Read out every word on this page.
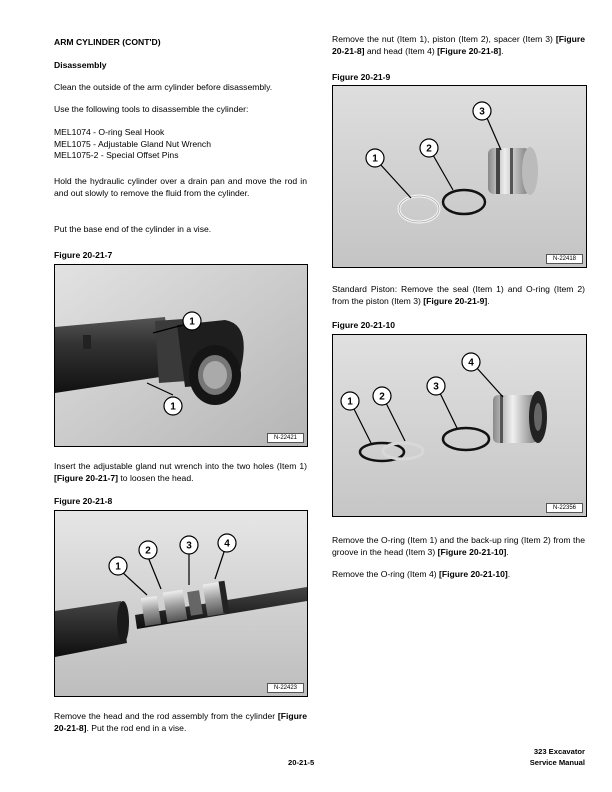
ARM CYLINDER (CONT'D)
Disassembly
Clean the outside of the arm cylinder before disassembly.
Use the following tools to disassemble the cylinder:
MEL1074 - O-ring Seal Hook
MEL1075 - Adjustable Gland Nut Wrench
MEL1075-2 - Special Offset Pins
Hold the hydraulic cylinder over a drain pan and move the rod in and out slowly to remove the fluid from the cylinder.
Put the base end of the cylinder in a vise.
Figure 20-21-7
1
1
N-22421
Insert the adjustable gland nut wrench into the two holes (Item 1) [Figure 20-21-7] to loosen the head.
Figure 20-21-8
1
2	3	4
N-22423
Remove the head and the rod assembly from the cylinder [Figure 20-21-8]. Put the rod end in a vise.
Remove the nut (Item 1), piston (Item 2), spacer (Item 3) [Figure 20-21-8] and head (Item 4) [Figure 20-21-8].
Figure 20-21-9
1
2
3
N-22418
Standard Piston: Remove the seal (Item 1) and O-ring (Item 2) from the piston (Item 3) [Figure 20-21-9].
Figure 20-21-10
1	2
3
4
N-22356
Remove the O-ring (Item 1) and the back-up ring (Item 2) from the groove in the head (Item 3) [Figure 20-21-10].
Remove the O-ring (Item 4) [Figure 20-21-10].
20-21-5
323 Excavator
Service Manual
